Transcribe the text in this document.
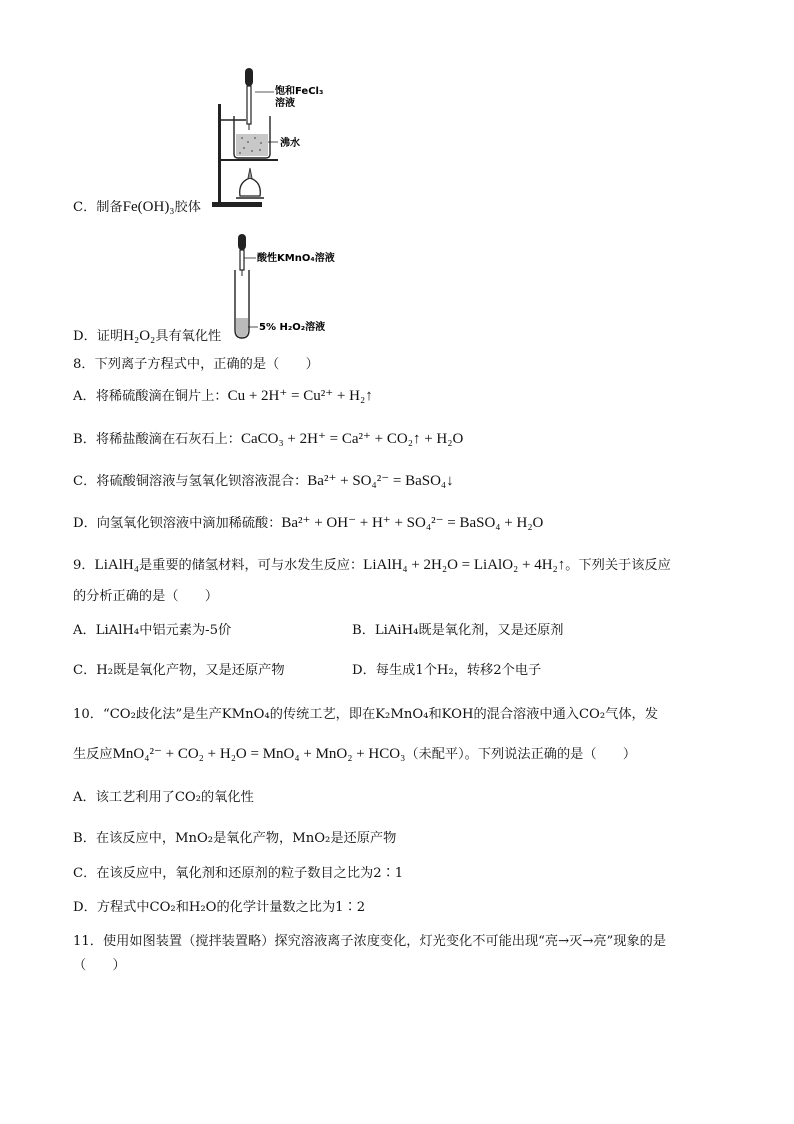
饱和FeCl₃
溶液
沸水
酸性KMnO₄溶液
5% H₂O₂溶液
C．制备Fe(OH)₃胶体
D．证明H₂O₂具有氧化性
8．下列离子方程式中，正确的是（　　）
A．将稀硫酸滴在铜片上：Cu + 2H⁺ = Cu²⁺ + H₂↑
B．将稀盐酸滴在石灰石上：CaCO₃ + 2H⁺ = Ca²⁺ + CO₂↑ + H₂O
C．将硫酸铜溶液与氢氧化钡溶液混合：Ba²⁺ + SO₄²⁻ = BaSO₄↓
D．向氢氧化钡溶液中滴加稀硫酸：Ba²⁺ + OH⁻ + H⁺ + SO₄²⁻ = BaSO₄ + H₂O
9．LiAlH₄是重要的储氢材料，可与水发生反应：LiAlH₄ + 2H₂O = LiAlO₂ + 4H₂↑。下列关于该反应
的分析正确的是（　　）
A．LiAlH₄中铝元素为-5价	B．LiAiH₄既是氧化剂，又是还原剂
C．H₂既是氧化产物，又是还原产物	D．每生成1个H₂，转移2个电子
10．“CO₂歧化法”是生产KMnO₄的传统工艺，即在K₂MnO₄和KOH的混合溶液中通入CO₂气体，发
生反应MnO₄²⁻ + CO₂ + H₂O = MnO₄ + MnO₂ + HCO₃（未配平）。下列说法正确的是（　　）
A．该工艺利用了CO₂的氧化性
B．在该反应中，MnO₂是氧化产物，MnO₂是还原产物
C．在该反应中，氧化剂和还原剂的粒子数目之比为2∶1
D．方程式中CO₂和H₂O的化学计量数之比为1∶2
11．使用如图装置（搅拌装置略）探究溶液离子浓度变化，灯光变化不可能出现“亮→灭→亮”现象的是
（　　）
